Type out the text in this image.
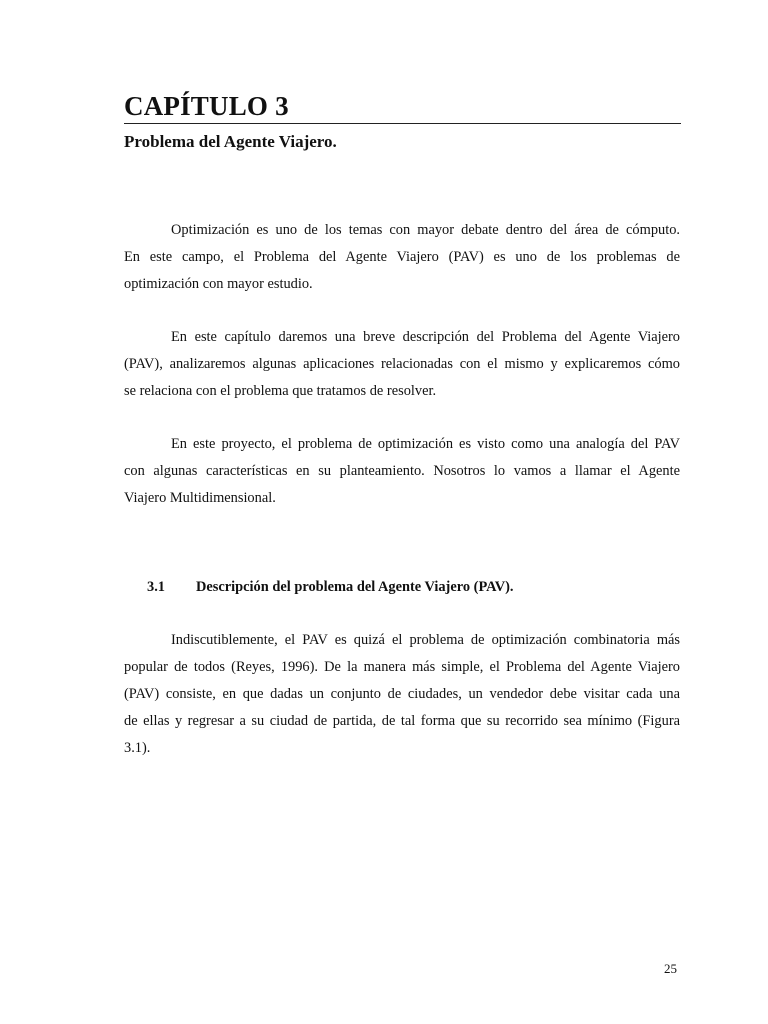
CAPÍTULO 3
Problema del Agente Viajero.
Optimización es uno de los temas con mayor debate dentro del área de cómputo.
En este campo, el Problema del Agente Viajero (PAV) es uno de los problemas de
optimización con mayor estudio.
En este capítulo daremos una breve descripción del Problema del Agente Viajero
(PAV), analizaremos algunas aplicaciones relacionadas con el mismo y explicaremos cómo
se relaciona con el problema que tratamos de resolver.
En este proyecto, el problema de optimización es visto como una analogía del PAV
con algunas características en su planteamiento. Nosotros lo vamos a llamar el Agente
Viajero Multidimensional.
3.1 Descripción del problema del Agente Viajero (PAV).
Indiscutiblemente, el PAV es quizá el problema de optimización combinatoria más
popular de todos (Reyes, 1996). De la manera más simple, el Problema del Agente Viajero
(PAV) consiste, en que dadas un conjunto de ciudades, un vendedor debe visitar cada una
de ellas y regresar a su ciudad de partida, de tal forma que su recorrido sea mínimo (Figura
3.1).
25
